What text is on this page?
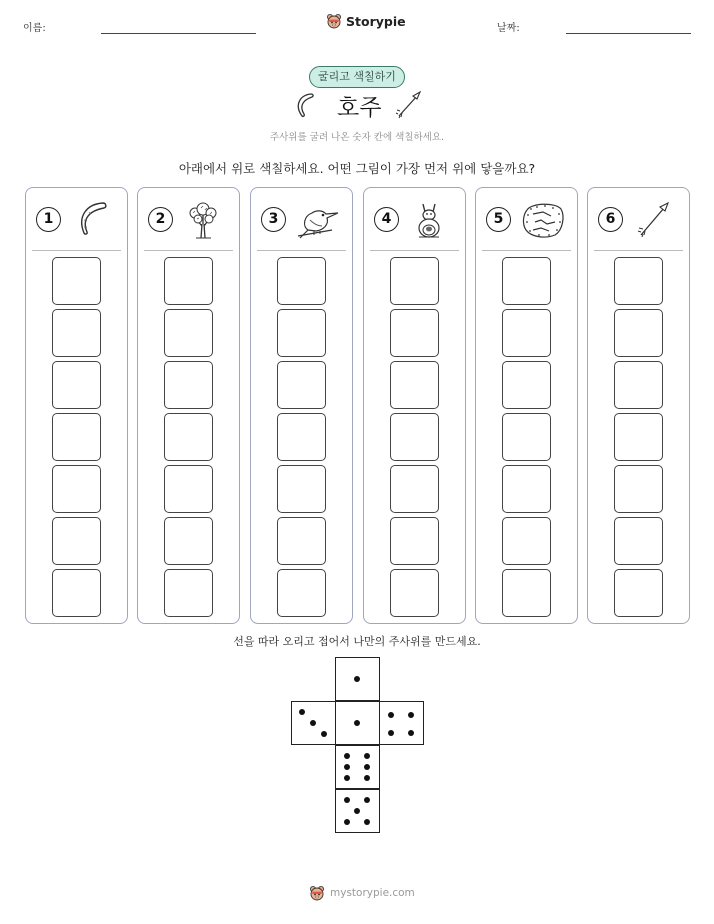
이름:	Storypie	날짜:
굴리고 색칠하기
호주
주사위를 굴려 나온 숫자 칸에 색칠하세요.
아래에서 위로 색칠하세요. 어떤 그림이 가장 먼저 위에 닿을까요?
1	2	3	4	5	6
선을 따라 오리고 접어서 나만의 주사위를 만드세요.
mystorypie.com
